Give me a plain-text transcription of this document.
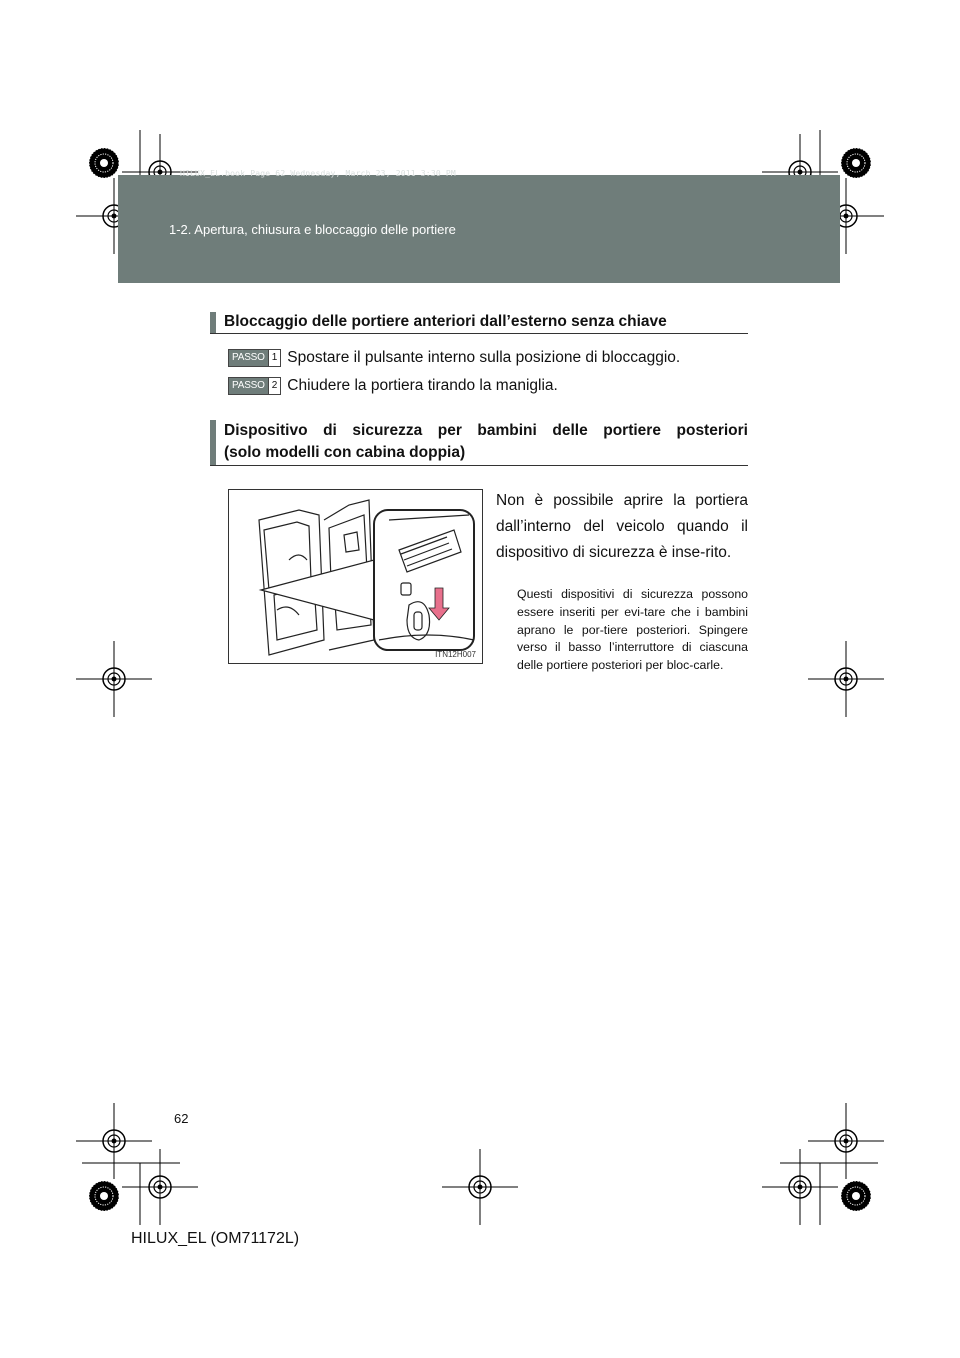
HILUX_EL.book Page 62 Wednesday, March 23, 2011 3:30 PM
1-2. Apertura, chiusura e bloccaggio delle portiere
Bloccaggio delle portiere anteriori dall’esterno senza chiave
PASSO 1 Spostare il pulsante interno sulla posizione di bloccaggio.
PASSO 2 Chiudere la portiera tirando la maniglia.
Dispositivo di sicurezza per bambini delle portiere posteriori
(solo modelli con cabina doppia)
ITN12H007
Non è possibile aprire la portiera dall’interno del veicolo quando il dispositivo di sicurezza è inse-rito.
Questi dispositivi di sicurezza possono essere inseriti per evi-tare che i bambini aprano le por-tiere posteriori. Spingere verso il basso l’interruttore di ciascuna delle portiere posteriori per bloc-carle.
62
HILUX_EL (OM71172L)
